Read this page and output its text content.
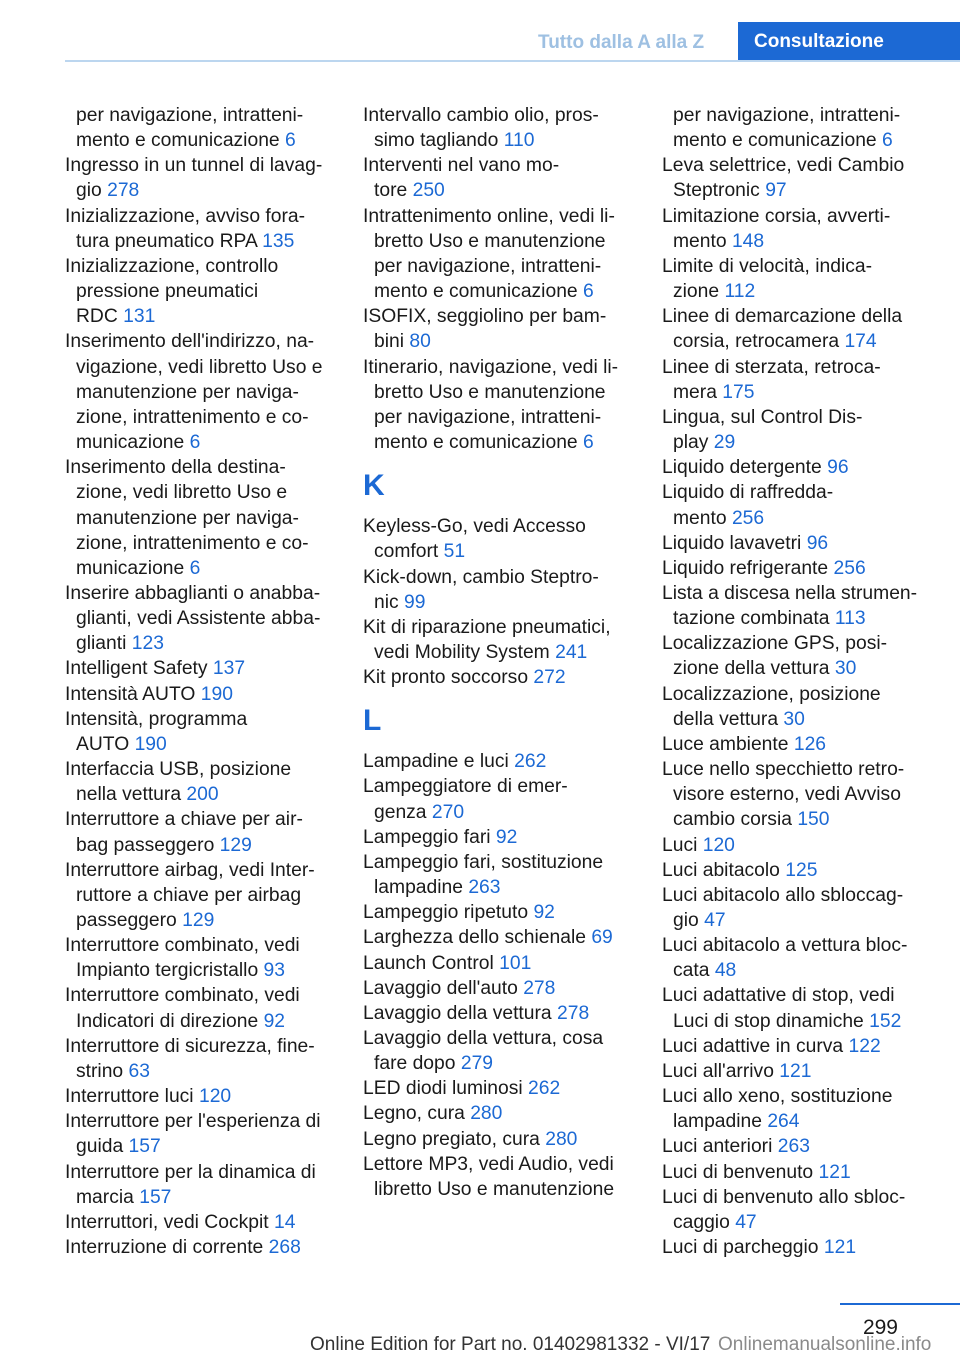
Tutto dalla A alla Z	Consultazione
per navigazione, intratteni-
mento e comunicazione 6
Ingresso in un tunnel di lavag-
gio 278
Inizializzazione, avviso fora-
tura pneumatico RPA 135
Inizializzazione, controllo
pressione pneumatici
RDC 131
Inserimento dell'indirizzo, na-
vigazione, vedi libretto Uso e
manutenzione per naviga-
zione, intrattenimento e co-
municazione 6
Inserimento della destina-
zione, vedi libretto Uso e
manutenzione per naviga-
zione, intrattenimento e co-
municazione 6
Inserire abbaglianti o anabba-
glianti, vedi Assistente abba-
glianti 123
Intelligent Safety 137
Intensità AUTO 190
Intensità, programma
AUTO 190
Interfaccia USB, posizione
nella vettura 200
Interruttore a chiave per air-
bag passeggero 129
Interruttore airbag, vedi Inter-
ruttore a chiave per airbag
passeggero 129
Interruttore combinato, vedi
Impianto tergicristallo 93
Interruttore combinato, vedi
Indicatori di direzione 92
Interruttore di sicurezza, fine-
strino 63
Interruttore luci 120
Interruttore per l'esperienza di
guida 157
Interruttore per la dinamica di
marcia 157
Interruttori, vedi Cockpit 14
Interruzione di corrente 268
Intervallo cambio olio, pros-
simo tagliando 110
Interventi nel vano mo-
tore 250
Intrattenimento online, vedi li-
bretto Uso e manutenzione
per navigazione, intratteni-
mento e comunicazione 6
ISOFIX, seggiolino per bam-
bini 80
Itinerario, navigazione, vedi li-
bretto Uso e manutenzione
per navigazione, intratteni-
mento e comunicazione 6
K
Keyless-Go, vedi Accesso
comfort 51
Kick-down, cambio Steptro-
nic 99
Kit di riparazione pneumatici,
vedi Mobility System 241
Kit pronto soccorso 272
L
Lampadine e luci 262
Lampeggiatore di emer-
genza 270
Lampeggio fari 92
Lampeggio fari, sostituzione
lampadine 263
Lampeggio ripetuto 92
Larghezza dello schienale 69
Launch Control 101
Lavaggio dell'auto 278
Lavaggio della vettura 278
Lavaggio della vettura, cosa
fare dopo 279
LED diodi luminosi 262
Legno, cura 280
Legno pregiato, cura 280
Lettore MP3, vedi Audio, vedi
libretto Uso e manutenzione
per navigazione, intratteni-
mento e comunicazione 6
Leva selettrice, vedi Cambio
Steptronic 97
Limitazione corsia, avverti-
mento 148
Limite di velocità, indica-
zione 112
Linee di demarcazione della
corsia, retrocamera 174
Linee di sterzata, retroca-
mera 175
Lingua, sul Control Dis-
play 29
Liquido detergente 96
Liquido di raffredda-
mento 256
Liquido lavavetri 96
Liquido refrigerante 256
Lista a discesa nella strumen-
tazione combinata 113
Localizzazione GPS, posi-
zione della vettura 30
Localizzazione, posizione
della vettura 30
Luce ambiente 126
Luce nello specchietto retro-
visore esterno, vedi Avviso
cambio corsia 150
Luci 120
Luci abitacolo 125
Luci abitacolo allo sbloccag-
gio 47
Luci abitacolo a vettura bloc-
cata 48
Luci adattative di stop, vedi
Luci di stop dinamiche 152
Luci adattive in curva 122
Luci all'arrivo 121
Luci allo xeno, sostituzione
lampadine 264
Luci anteriori 263
Luci di benvenuto 121
Luci di benvenuto allo sbloc-
caggio 47
Luci di parcheggio 121
299
Online Edition for Part no. 01402981332 - VI/17 Onlinemanualsonline.info
